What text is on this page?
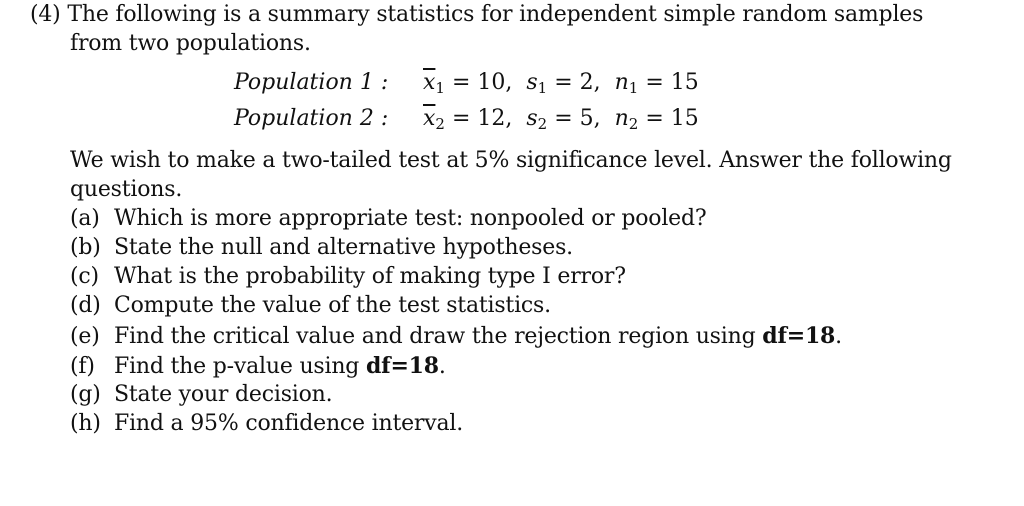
(4) The following is a summary statistics for independent simple random samples
from two populations.
Population 1 : $\overline{x}_1 = 10$,  $s_1 = 2$,  $n_1 = 15$
Population 2 : $\overline{x}_2 = 12$,  $s_2 = 5$,  $n_2 = 15$
We wish to make a two-tailed test at 5% significance level. Answer the following
questions.
(a) Which is more appropriate test: nonpooled or pooled?
(b) State the null and alternative hypotheses.
(c) What is the probability of making type I error?
(d) Compute the value of the test statistics.
(e) Find the critical value and draw the rejection region using df=18.
(f) Find the p-value using df=18.
(g) State your decision.
(h) Find a 95% confidence interval.
